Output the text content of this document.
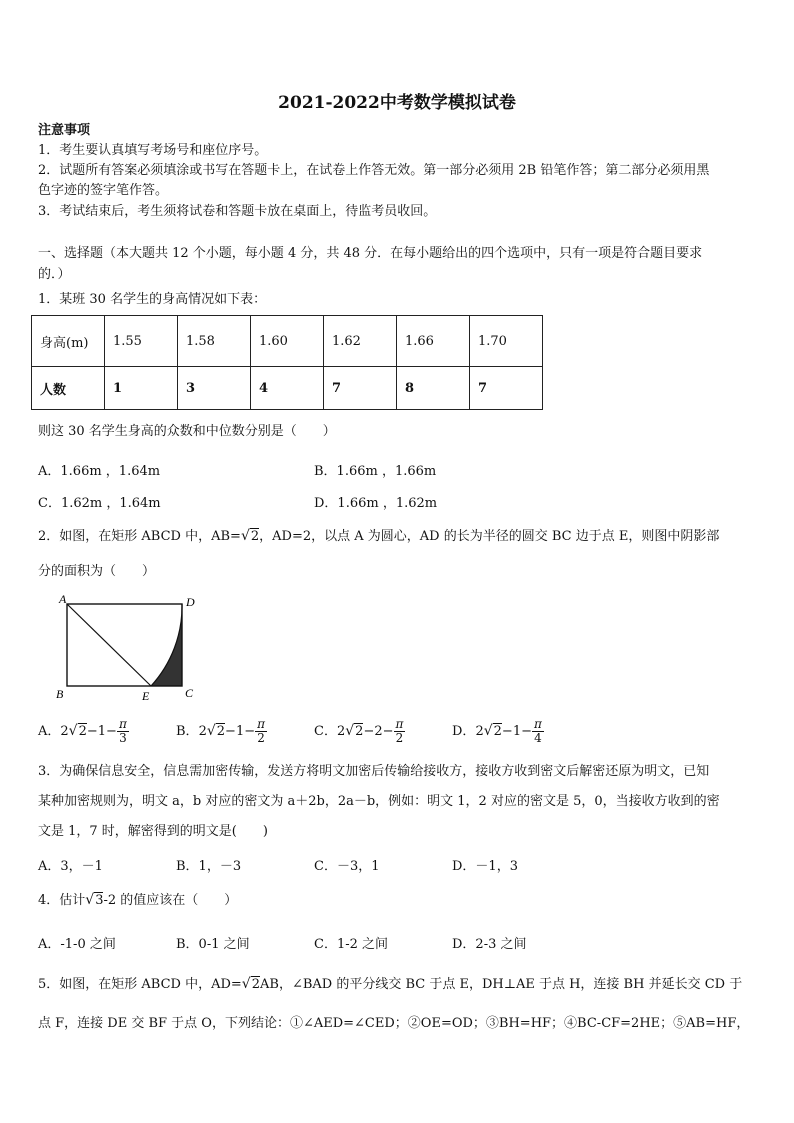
2021-2022中考数学模拟试卷
注意事项
1．考生要认真填写考场号和座位序号。
2．试题所有答案必须填涂或书写在答题卡上，在试卷上作答无效。第一部分必须用 2B 铅笔作答；第二部分必须用黑
色字迹的签字笔作答。
3．考试结束后，考生须将试卷和答题卡放在桌面上，待监考员收回。
一、选择题（本大题共 12 个小题，每小题 4 分，共 48 分．在每小题给出的四个选项中，只有一项是符合题目要求
的．）
1．某班 30 名学生的身高情况如下表：
身高(m)	1.55	1.58	1.60	1.62	1.66	1.70
人数	1	3	4	7	8	7
则这 30 名学生身高的众数和中位数分别是（　　）
A．1.66m ，1.64m	B．1.66m ，1.66m
C．1.62m ，1.64m	D．1.66m ，1.62m
2．如图，在矩形 ABCD 中，AB=√2，AD=2，以点 A 为圆心，AD 的长为半径的圆交 BC 边于点 E，则图中阴影部
分的面积为（　　）
A	D
B	E	C
A．$2√2-1- \frac{\pi}{3}$	B．$2√2-1- \frac{\pi}{2}$	C．$2√2-2- \frac{\pi}{2}$	D．$2√2-1- \frac{\pi}{4}$
3．为确保信息安全，信息需加密传输，发送方将明文加密后传输给接收方，接收方收到密文后解密还原为明文，已知
某种加密规则为，明文 a，b 对应的密文为 a＋2b，2a－b，例如：明文 1，2 对应的密文是 5，0，当接收方收到的密
文是 1，7 时，解密得到的明文是(　　)
A．3，－1	B．1，－3	C．－3，1	D．－1，3
4．估计√3-2 的值应该在（　　）
A．-1-0 之间	B．0-1 之间	C．1-2 之间	D．2-3 之间
5．如图，在矩形 ABCD 中，AD=√2AB，∠BAD 的平分线交 BC 于点 E，DH⊥AE 于点 H，连接 BH 并延长交 CD 于
点 F，连接 DE 交 BF 于点 O，下列结论：①∠AED=∠CED；②OE=OD；③BH=HF；④BC-CF=2HE；⑤AB=HF，
